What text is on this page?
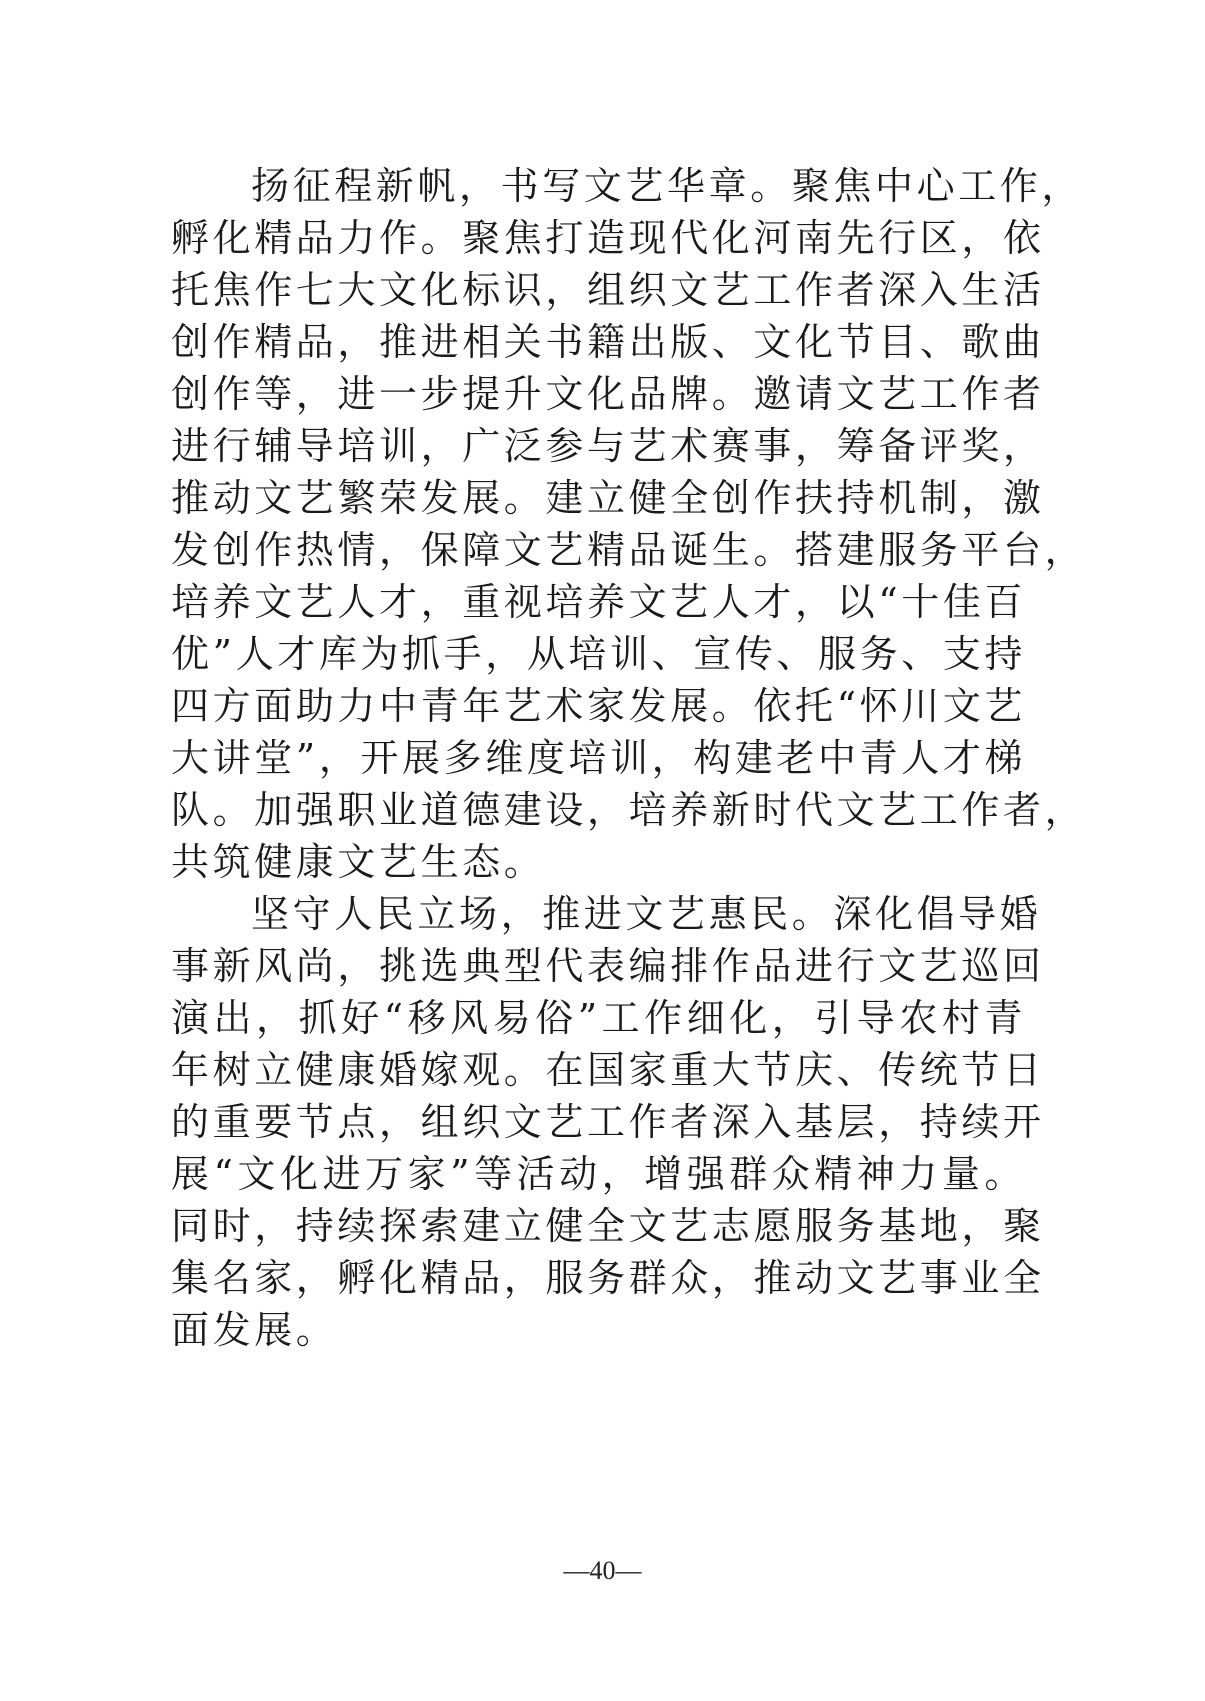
扬征程新帆，书写文艺华章。聚焦中心工作，
孵化精品力作。聚焦打造现代化河南先行区，依
托焦作七大文化标识，组织文艺工作者深入生活
创作精品，推进相关书籍出版、文化节目、歌曲
创作等，进一步提升文化品牌。邀请文艺工作者
进行辅导培训，广泛参与艺术赛事，筹备评奖，
推动文艺繁荣发展。建立健全创作扶持机制，激
发创作热情，保障文艺精品诞生。搭建服务平台，
培养文艺人才，重视培养文艺人才，以“十佳百
优”人才库为抓手，从培训、宣传、服务、支持
四方面助力中青年艺术家发展。依托“怀川文艺
大讲堂”，开展多维度培训，构建老中青人才梯
队。加强职业道德建设，培养新时代文艺工作者，
共筑健康文艺生态。
坚守人民立场，推进文艺惠民。深化倡导婚
事新风尚，挑选典型代表编排作品进行文艺巡回
演出，抓好“移风易俗”工作细化，引导农村青
年树立健康婚嫁观。在国家重大节庆、传统节日
的重要节点，组织文艺工作者深入基层，持续开
展“文化进万家”等活动，增强群众精神力量。
同时，持续探索建立健全文艺志愿服务基地，聚
集名家，孵化精品，服务群众，推动文艺事业全
面发展。
—40—
